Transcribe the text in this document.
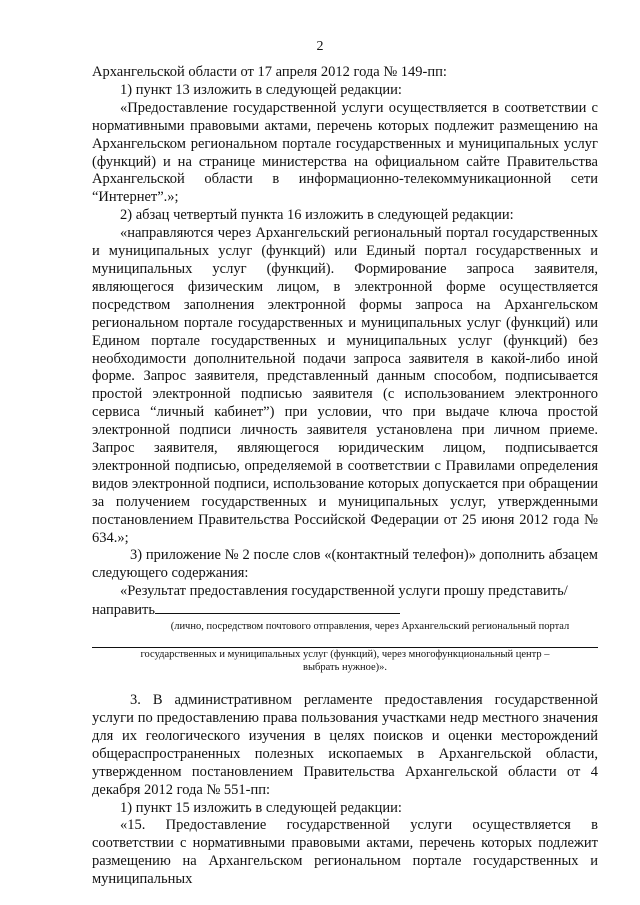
2

Архангельской области от 17 апреля 2012 года № 149-пп:

1) пункт 13 изложить в следующей редакции:

«Предоставление государственной услуги осуществляется в соответствии с нормативными правовыми актами, перечень которых подлежит размещению на Архангельском региональном портале государственных и муниципальных услуг (функций) и на странице министерства на официальном сайте Правительства Архангельской области в информационно-телекоммуникационной сети “Интернет”.»;

2) абзац четвертый пункта 16 изложить в следующей редакции:

«направляются через Архангельский региональный портал государственных и муниципальных услуг (функций) или Единый портал государственных и муниципальных услуг (функций). Формирование запроса заявителя, являющегося физическим лицом, в электронной форме осуществляется посредством заполнения электронной формы запроса на Архангельском региональном портале государственных и муниципальных услуг (функций) или Едином портале государственных и муниципальных услуг (функций) без необходимости дополнительной подачи запроса заявителя в какой-либо иной форме. Запрос заявителя, представленный данным способом, подписывается простой электронной подписью заявителя (с использованием электронного сервиса “личный кабинет”) при условии, что при выдаче ключа простой электронной подписи личность заявителя установлена при личном приеме. Запрос заявителя, являющегося юридическим лицом, подписывается электронной подписью, определяемой в соответствии с Правилами определения видов электронной подписи, использование которых допускается при обращении за получением государственных и муниципальных услуг, утвержденными постановлением Правительства Российской Федерации от 25 июня 2012 года № 634.»;

3) приложение № 2 после слов «(контактный телефон)» дополнить абзацем следующего содержания:

«Результат предоставления государственной услуги прошу представить/

направить

(лично, посредством почтового отправления, через Архангельский региональный портал

государственных и муниципальных услуг (функций), через многофункциональный центр –

выбрать нужное)».

3. В административном регламенте предоставления государственной услуги по предоставлению права пользования участками недр местного значения для их геологического изучения в целях поисков и оценки месторождений общераспространенных полезных ископаемых в Архангельской области, утвержденном постановлением Правительства Архангельской области от 4 декабря 2012 года № 551-пп:

1) пункт 15 изложить в следующей редакции:

«15. Предоставление государственной услуги осуществляется в соответствии с нормативными правовыми актами, перечень которых подлежит размещению на Архангельском региональном портале государственных и муниципальных
